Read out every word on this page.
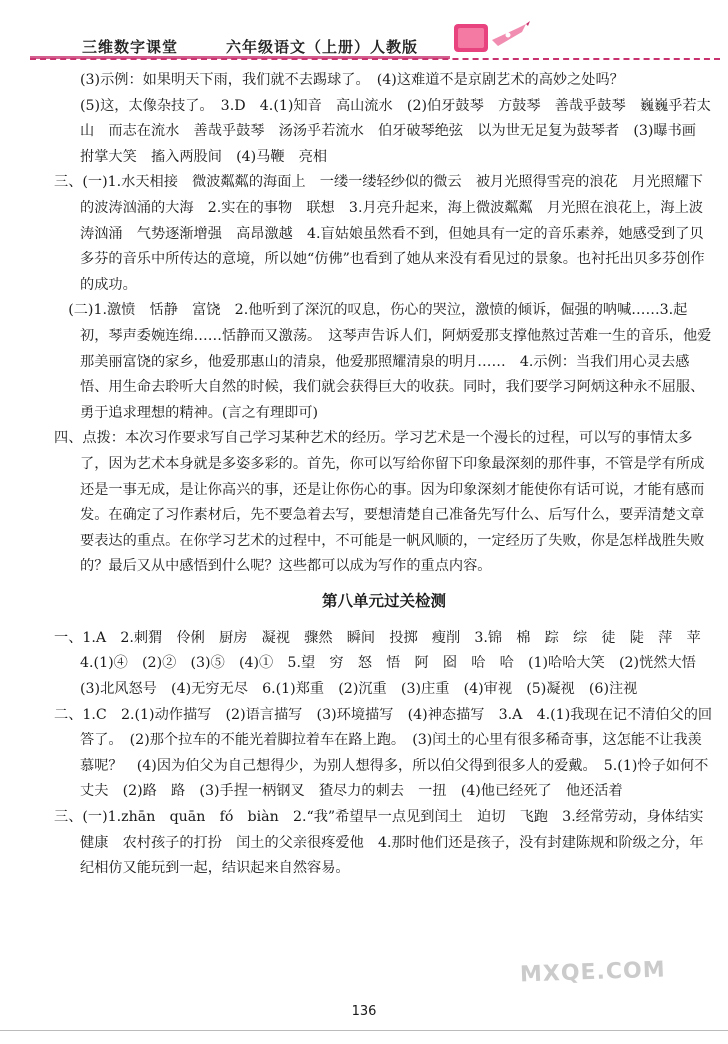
三维数字课堂	六年级语文（上册）人教版

(3)示例：如果明天下雨，我们就不去踢球了。　(4)这难道不是京剧艺术的高妙之处吗？

(5)这，太像杂技了。　3.D　4.(1)知音　高山流水　(2)伯牙鼓琴　方鼓琴　善哉乎鼓琴　巍巍乎若太山　而志在流水　善哉乎鼓琴　汤汤乎若流水　伯牙破琴绝弦　以为世无足复为鼓琴者　(3)曝书画　拊掌大笑　搐入两股间　(4)马鞭　亮相

三、(一)1.水天相接　微波粼粼的海面上　一缕一缕轻纱似的微云　被月光照得雪亮的浪花　月光照耀下的波涛汹涌的大海　2.实在的事物　联想　3.月亮升起来，海上微波粼粼　月光照在浪花上，海上波涛汹涌　气势逐渐增强　高昂激越　4.盲姑娘虽然看不到，但她具有一定的音乐素养，她感受到了贝多芬的音乐中所传达的意境，所以她“仿佛”也看到了她从来没有看见过的景象。也衬托出贝多芬创作的成功。

　(二)1.激愤　恬静　富饶　2.他听到了深沉的叹息，伤心的哭泣，激愤的倾诉，倔强的呐喊……3.起初，琴声委婉连绵……恬静而又激荡。　这琴声告诉人们，阿炳爱那支撑他熬过苦难一生的音乐，他爱那美丽富饶的家乡，他爱那惠山的清泉，他爱那照耀清泉的明月……　4.示例：当我们用心灵去感悟、用生命去聆听大自然的时候，我们就会获得巨大的收获。同时，我们要学习阿炳这种永不屈服、勇于追求理想的精神。(言之有理即可)

四、点拨：本次习作要求写自己学习某种艺术的经历。学习艺术是一个漫长的过程，可以写的事情太多了，因为艺术本身就是多姿多彩的。首先，你可以写给你留下印象最深刻的那件事，不管是学有所成还是一事无成，是让你高兴的事，还是让你伤心的事。因为印象深刻才能使你有话可说，才能有感而发。在确定了习作素材后，先不要急着去写，要想清楚自己准备先写什么、后写什么，要弄清楚文章要表达的重点。在你学习艺术的过程中，不可能是一帆风顺的，一定经历了失败，你是怎样战胜失败的？最后又从中感悟到什么呢？这些都可以成为写作的重点内容。

第八单元过关检测

一、1.A　2.刺猬　伶俐　厨房　凝视　骤然　瞬间　投掷　瘦削　3.锦　棉　踪　综　徒　陡　萍　苹　4.(1)④　(2)②　(3)⑤　(4)①　5.望　穷　怒　悟　阿　囵　哈　哈　(1)哈哈大笑　(2)恍然大悟　(3)北风怒号　(4)无穷无尽　6.(1)郑重　(2)沉重　(3)庄重　(4)审视　(5)凝视　(6)注视

二、1.C　2.(1)动作描写　(2)语言描写　(3)环境描写　(4)神态描写　3.A　4.(1)我现在记不清伯父的回答了。　(2)那个拉车的不能光着脚拉着车在路上跑。　(3)闰土的心里有很多稀奇事，这怎能不让我羡慕呢？　(4)因为伯父为自己想得少，为别人想得多，所以伯父得到很多人的爱戴。　5.(1)怜子如何不丈夫　(2)路　路　(3)手捏一柄钢叉　猹尽力的刺去　一扭　(4)他已经死了　他还活着

三、(一)1.zhān　quān　fó　biàn　2.“我”希望早一点见到闰土　迫切　飞跑　3.经常劳动，身体结实健康　农村孩子的打扮　闰土的父亲很疼爱他　4.那时他们还是孩子，没有封建陈规和阶级之分，年纪相仿又能玩到一起，结识起来自然容易。

136
MXQE.COM
